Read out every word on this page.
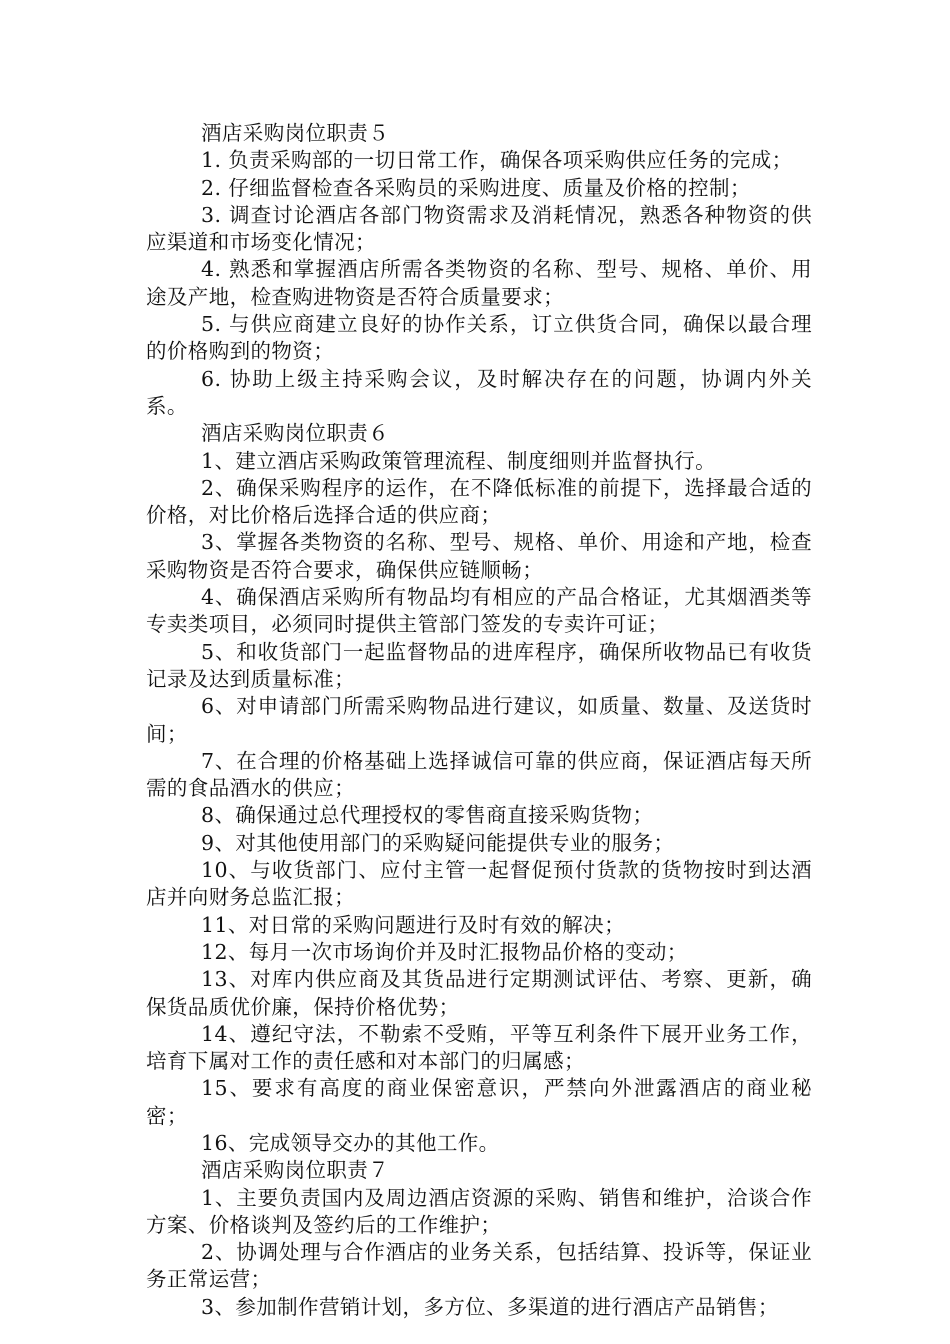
酒店采购岗位职责５

1. 负责采购部的一切日常工作，确保各项采购供应任务的完成；

2. 仔细监督检查各采购员的采购进度、质量及价格的控制；

3. 调查讨论酒店各部门物资需求及消耗情况，熟悉各种物资的供应渠道和市场变化情况；

4. 熟悉和掌握酒店所需各类物资的名称、型号、规格、单价、用途及产地，检查购进物资是否符合质量要求；

5. 与供应商建立良好的协作关系，订立供货合同，确保以最合理的价格购到的物资；

6. 协助上级主持采购会议，及时解决存在的问题，协调内外关系。

酒店采购岗位职责６

1、建立酒店采购政策管理流程、制度细则并监督执行。

2、确保采购程序的运作，在不降低标准的前提下，选择最合适的价格，对比价格后选择合适的供应商；

3、掌握各类物资的名称、型号、规格、单价、用途和产地，检查采购物资是否符合要求，确保供应链顺畅；

4、确保酒店采购所有物品均有相应的产品合格证，尤其烟酒类等专卖类项目，必须同时提供主管部门签发的专卖许可证；

5、和收货部门一起监督物品的进库程序，确保所收物品已有收货记录及达到质量标准；

6、对申请部门所需采购物品进行建议，如质量、数量、及送货时间；

7、在合理的价格基础上选择诚信可靠的供应商，保证酒店每天所需的食品酒水的供应；

8、确保通过总代理授权的零售商直接采购货物；

9、对其他使用部门的采购疑问能提供专业的服务；

10、与收货部门、应付主管一起督促预付货款的货物按时到达酒店并向财务总监汇报；

11、对日常的采购问题进行及时有效的解决；

12、每月一次市场询价并及时汇报物品价格的变动；

13、对库内供应商及其货品进行定期测试评估、考察、更新，确保货品质优价廉，保持价格优势；

14、遵纪守法，不勒索不受贿，平等互利条件下展开业务工作，培育下属对工作的责任感和对本部门的归属感；

15、要求有高度的商业保密意识，严禁向外泄露酒店的商业秘密；

16、完成领导交办的其他工作。

酒店采购岗位职责７

1、主要负责国内及周边酒店资源的采购、销售和维护，洽谈合作方案、价格谈判及签约后的工作维护；

2、协调处理与合作酒店的业务关系，包括结算、投诉等，保证业务正常运营；

3、参加制作营销计划，多方位、多渠道的进行酒店产品销售；
